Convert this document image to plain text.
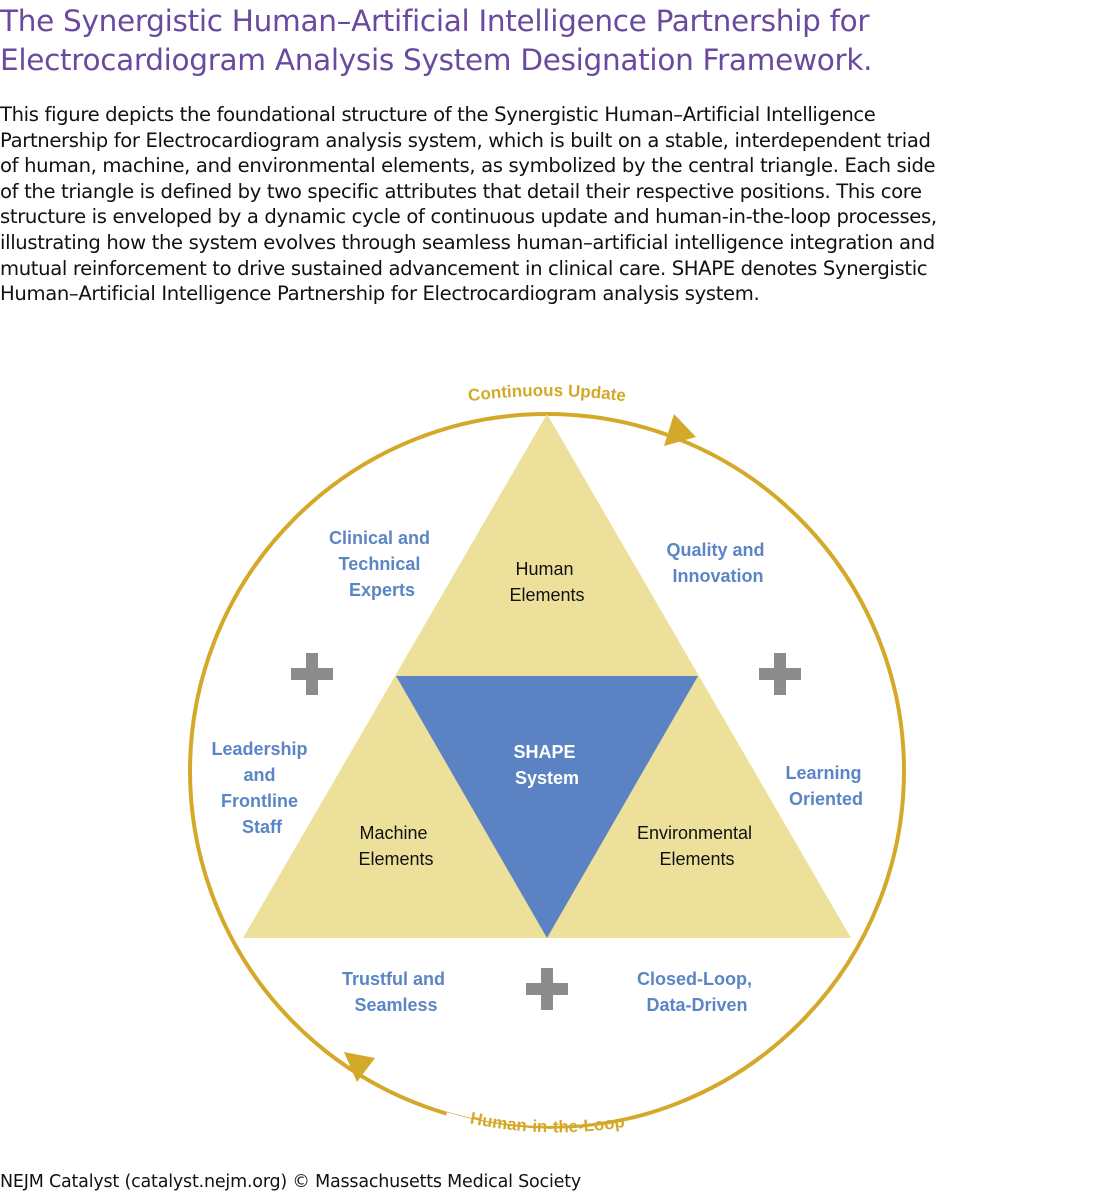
The Synergistic Human–Artificial Intelligence Partnership for
Electrocardiogram Analysis System Designation Framework.

This figure depicts the foundational structure of the Synergistic Human–Artificial Intelligence
Partnership for Electrocardiogram analysis system, which is built on a stable, interdependent triad
of human, machine, and environmental elements, as symbolized by the central triangle. Each side
of the triangle is defined by two specific attributes that detail their respective positions. This core
structure is enveloped by a dynamic cycle of continuous update and human-in-the-loop processes,
illustrating how the system evolves through seamless human–artificial intelligence integration and
mutual reinforcement to drive sustained advancement in clinical care. SHAPE denotes Synergistic
Human–Artificial Intelligence Partnership for Electrocardiogram analysis system.

Continuous Update
Human-in-the-Loop
Human Elements
Machine Elements
Environmental Elements
SHAPE System
Clinical and Technical Experts
Quality and Innovation
Leadership and Frontline Staff
Learning Oriented
Trustful and Seamless
Closed-Loop, Data-Driven

NEJM Catalyst (catalyst.nejm.org) © Massachusetts Medical Society
